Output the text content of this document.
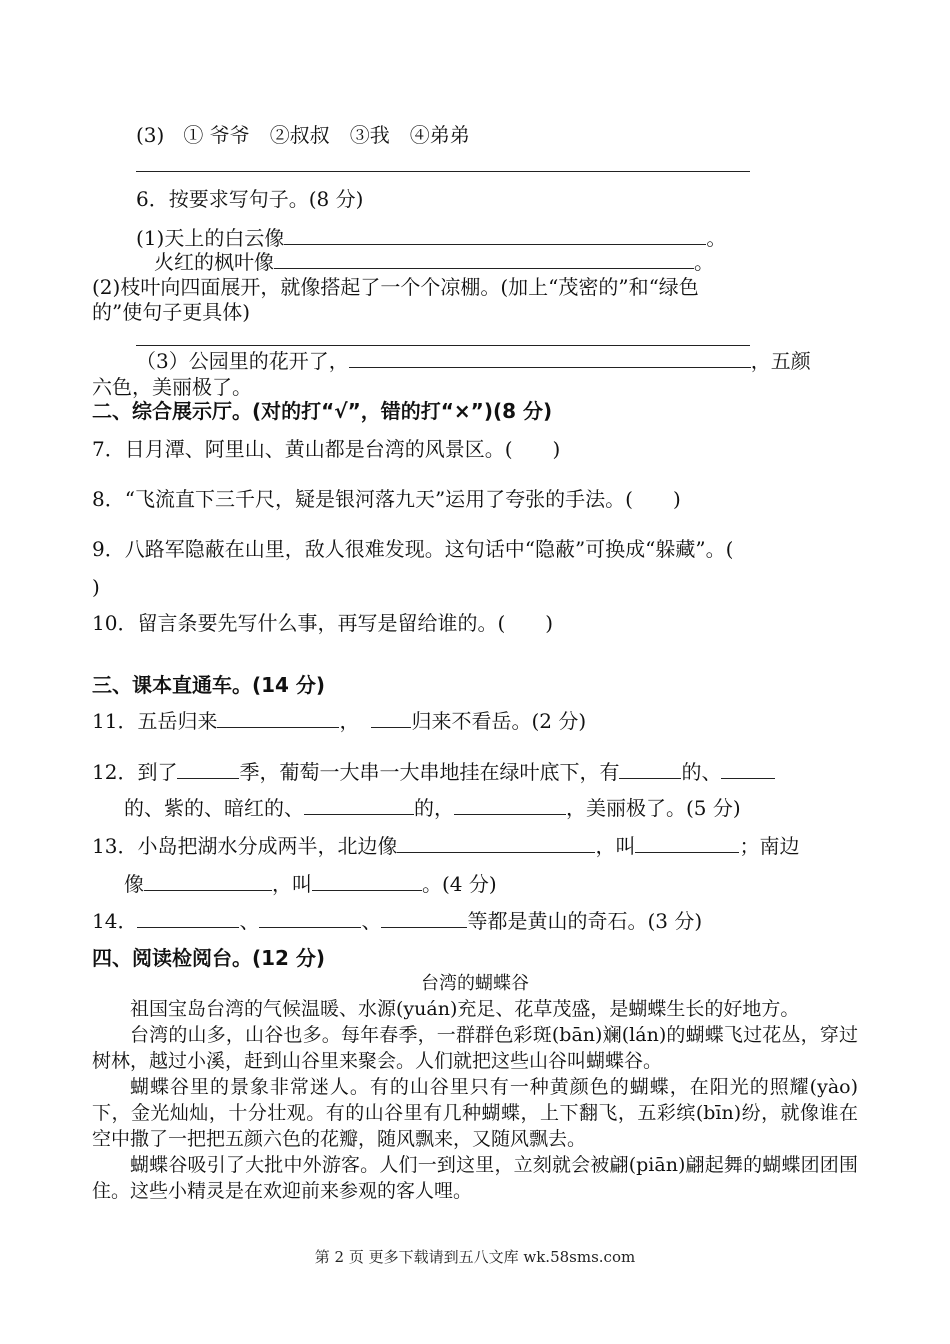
(3) ① 爷爷　②叔叔　③我　④弟弟
6．按要求写句子。(8 分)
(1)天上的白云像	。
火红的枫叶像	。
(2)枝叶向四面展开，就像搭起了一个个凉棚。(加上“茂密的”和“绿色
的”使句子更具体)
（3）公园里的花开了，	，五颜
六色，美丽极了。
二、综合展示厅。(对的打“√”，错的打“×”)(8 分)
7．日月潭、阿里山、黄山都是台湾的风景区。(　　)
8．“飞流直下三千尺，疑是银河落九天”运用了夸张的手法。(　　)
9．八路军隐蔽在山里，敌人很难发现。这句话中“隐蔽”可换成“躲藏”。(
)
10．留言条要先写什么事，再写是留给谁的。(　　)
三、课本直通车。(14 分)
11．五岳归来	，	归来不看岳。(2 分)
12．到了	季，葡萄一大串一大串地挂在绿叶底下，有	的、
的、紫的、暗红的、	的，	，美丽极了。(5 分)
13．小岛把湖水分成两半，北边像	，叫	；南边
像	，叫	。(4 分)
14．	、	、	等都是黄山的奇石。(3 分)
四、阅读检阅台。(12 分)
台湾的蝴蝶谷

祖国宝岛台湾的气候温暖、水源(yuán)充足、花草茂盛，是蝴蝶生长的好地方。

台湾的山多，山谷也多。每年春季，一群群色彩斑(bān)斓(lán)的蝴蝶飞过花丛，穿过树林，越过小溪，赶到山谷里来聚会。人们就把这些山谷叫蝴蝶谷。

蝴蝶谷里的景象非常迷人。有的山谷里只有一种黄颜色的蝴蝶，在阳光的照耀(yào)下，金光灿灿，十分壮观。有的山谷里有几种蝴蝶，上下翻飞，五彩缤(bīn)纷，就像谁在空中撒了一把把五颜六色的花瓣，随风飘来，又随风飘去。

蝴蝶谷吸引了大批中外游客。人们一到这里，立刻就会被翩(piān)翩起舞的蝴蝶团团围住。这些小精灵是在欢迎前来参观的客人哩。

第 2 页 更多下载请到五八文库 wk.58sms.com
